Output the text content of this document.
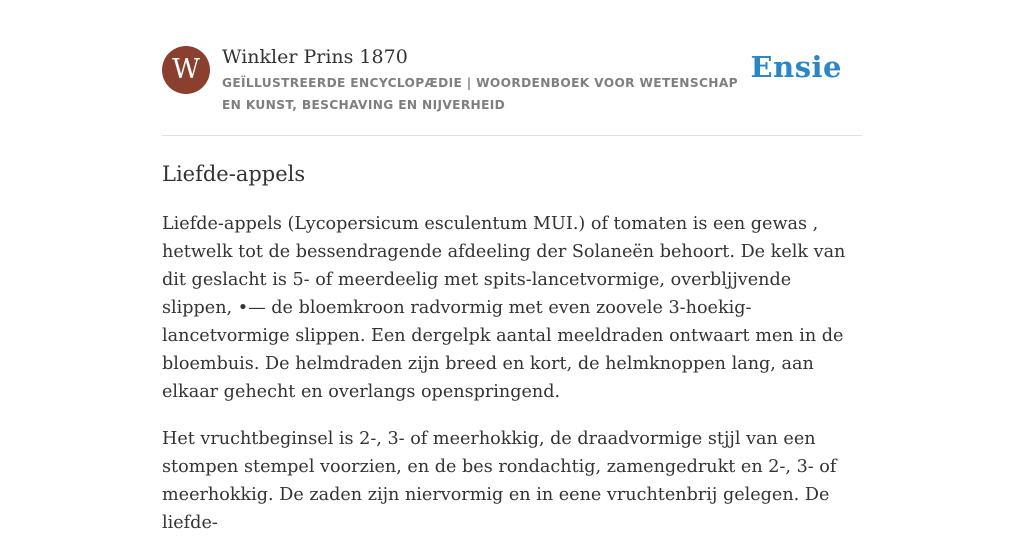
W	Winkler Prins 1870
GEÏLLUSTREERDE ENCYCLOPÆDIE | WOORDENBOEK VOOR WETENSCHAP EN KUNST, BESCHAVING EN NIJVERHEID
Ensie
Liefde-appels

Liefde-appels (Lycopersicum esculentum MUI.) of tomaten is een gewas , hetwelk tot de bessendragende afdeeling der Solaneën behoort. De kelk van dit geslacht is 5- of meerdeelig met spits-lancetvormige, overbljjvende slippen, •— de bloemkroon radvormig met even zoovele 3-hoekig-lancetvormige slippen. Een dergelpk aantal meeldraden ontwaart men in de bloembuis. De helmdraden zijn breed en kort, de helmknoppen lang, aan elkaar gehecht en overlangs openspringend.

Het vruchtbeginsel is 2-, 3- of meerhokkig, de draadvormige stjjl van een stompen stempel voorzien, en de bes rondachtig, zamengedrukt en 2-, 3- of meerhokkig. De zaden zijn niervormig en in eene vruchtenbrij gelegen. De liefde-
